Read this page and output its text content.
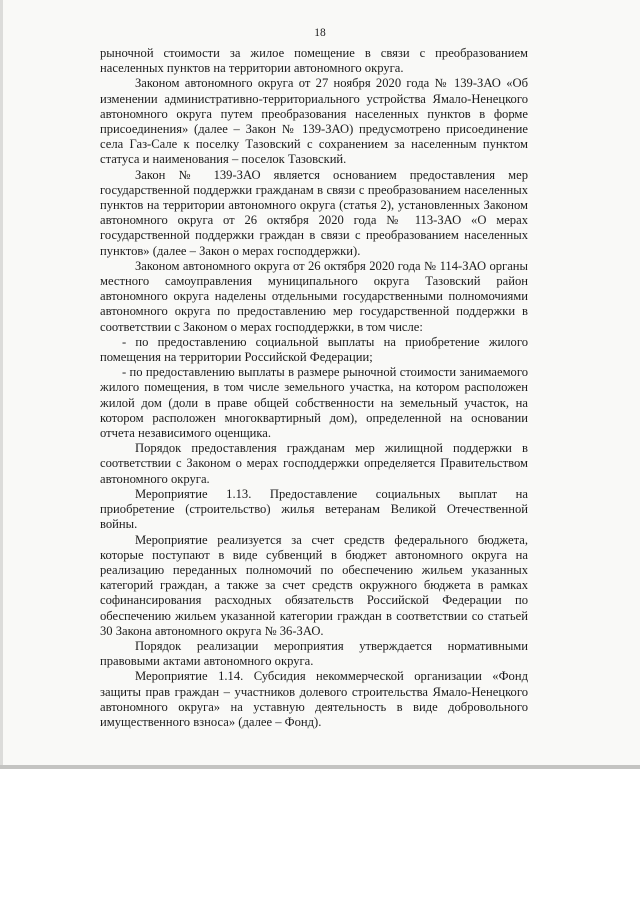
18

рыночной стоимости за жилое помещение в связи с преобразованием населенных пунктов на территории автономного округа.

Законом автономного округа от 27 ноября 2020 года № 139-ЗАО «Об изменении административно-территориального устройства Ямало-Ненецкого автономного округа путем преобразования населенных пунктов в форме присоединения» (далее – Закон № 139-ЗАО) предусмотрено присоединение села Газ-Сале к поселку Тазовский с сохранением за населенным пунктом статуса и наименования – поселок Тазовский.

Закон № 139-ЗАО является основанием предоставления мер государственной поддержки гражданам в связи с преобразованием населенных пунктов на территории автономного округа (статья 2), установленных Законом автономного округа от 26 октября 2020 года № 113-ЗАО «О мерах государственной поддержки граждан в связи с преобразованием населенных пунктов» (далее – Закон о мерах господдержки).

Законом автономного округа от 26 октября 2020 года № 114-ЗАО органы местного самоуправления муниципального округа Тазовский район автономного округа наделены отдельными государственными полномочиями автономного округа по предоставлению мер государственной поддержки в соответствии с Законом о мерах господдержки, в том числе:

- по предоставлению социальной выплаты на приобретение жилого помещения на территории Российской Федерации;

- по предоставлению выплаты в размере рыночной стоимости занимаемого жилого помещения, в том числе земельного участка, на котором расположен жилой дом (доли в праве общей собственности на земельный участок, на котором расположен многоквартирный дом), определенной на основании отчета независимого оценщика.

Порядок предоставления гражданам мер жилищной поддержки в соответствии с Законом о мерах господдержки определяется Правительством автономного округа.

Мероприятие 1.13. Предоставление социальных выплат на приобретение (строительство) жилья ветеранам Великой Отечественной войны.

Мероприятие реализуется за счет средств федерального бюджета, которые поступают в виде субвенций в бюджет автономного округа на реализацию переданных полномочий по обеспечению жильем указанных категорий граждан, а также за счет средств окружного бюджета в рамках софинансирования расходных обязательств Российской Федерации по обеспечению жильем указанной категории граждан в соответствии со статьей 30 Закона автономного округа № 36-ЗАО.

Порядок реализации мероприятия утверждается нормативными правовыми актами автономного округа.

Мероприятие 1.14. Субсидия некоммерческой организации «Фонд защиты прав граждан – участников долевого строительства Ямало-Ненецкого автономного округа» на уставную деятельность в виде добровольного имущественного взноса» (далее – Фонд).
